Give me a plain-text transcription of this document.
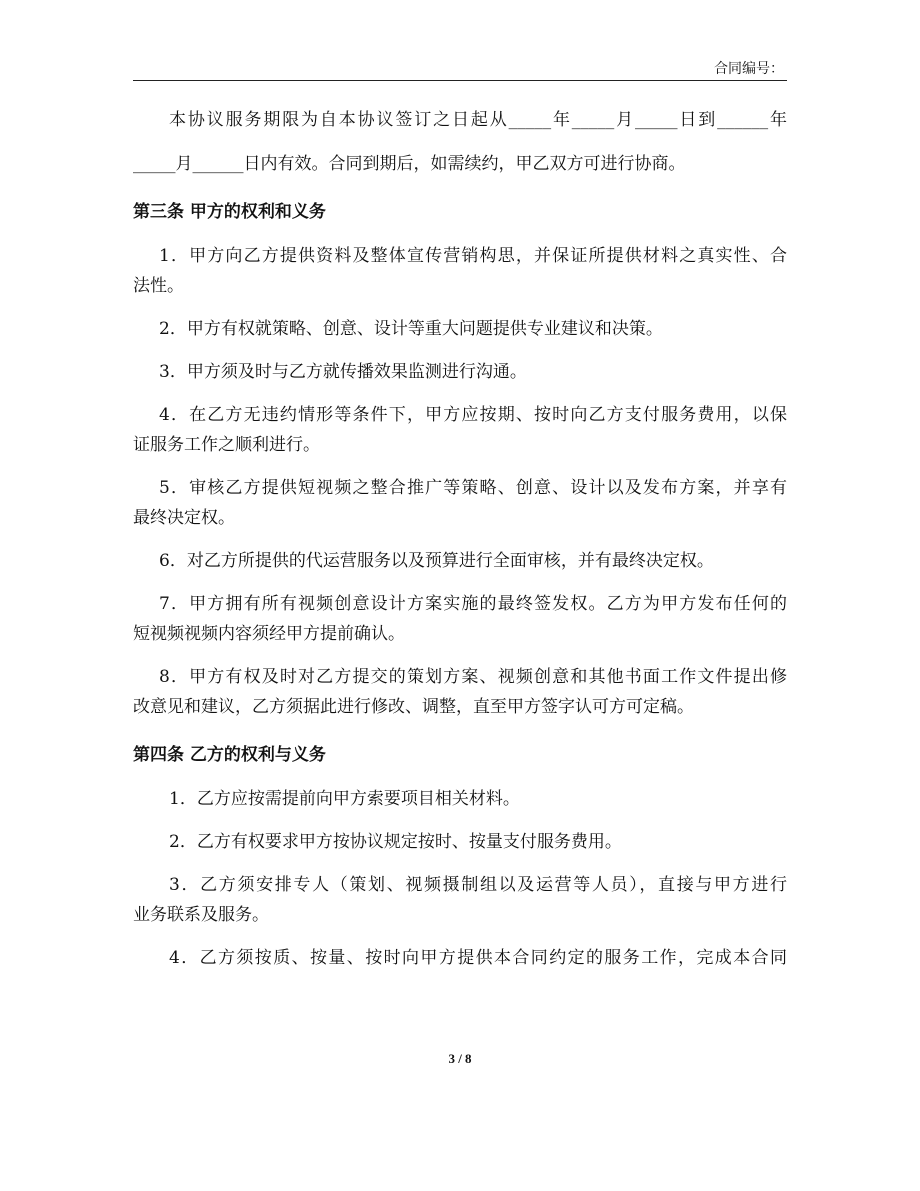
合同编号：

本协议服务期限为自本协议签订之日起从_____年_____月_____日到______年

_____月______日内有效。合同到期后，如需续约，甲乙双方可进行协商。

第三条 甲方的权利和义务

1．甲方向乙方提供资料及整体宣传营销构思，并保证所提供材料之真实性、合

法性。

2．甲方有权就策略、创意、设计等重大问题提供专业建议和决策。

3．甲方须及时与乙方就传播效果监测进行沟通。

4．在乙方无违约情形等条件下，甲方应按期、按时向乙方支付服务费用，以保

证服务工作之顺利进行。

5．审核乙方提供短视频之整合推广等策略、创意、设计以及发布方案，并享有

最终决定权。

6．对乙方所提供的代运营服务以及预算进行全面审核，并有最终决定权。

7．甲方拥有所有视频创意设计方案实施的最终签发权。乙方为甲方发布任何的

短视频视频内容须经甲方提前确认。

8．甲方有权及时对乙方提交的策划方案、视频创意和其他书面工作文件提出修

改意见和建议，乙方须据此进行修改、调整，直至甲方签字认可方可定稿。

第四条 乙方的权利与义务

1．乙方应按需提前向甲方索要项目相关材料。

2．乙方有权要求甲方按协议规定按时、按量支付服务费用。

3．乙方须安排专人（策划、视频摄制组以及运营等人员），直接与甲方进行

业务联系及服务。

4．乙方须按质、按量、按时向甲方提供本合同约定的服务工作，完成本合同

3 / 8
